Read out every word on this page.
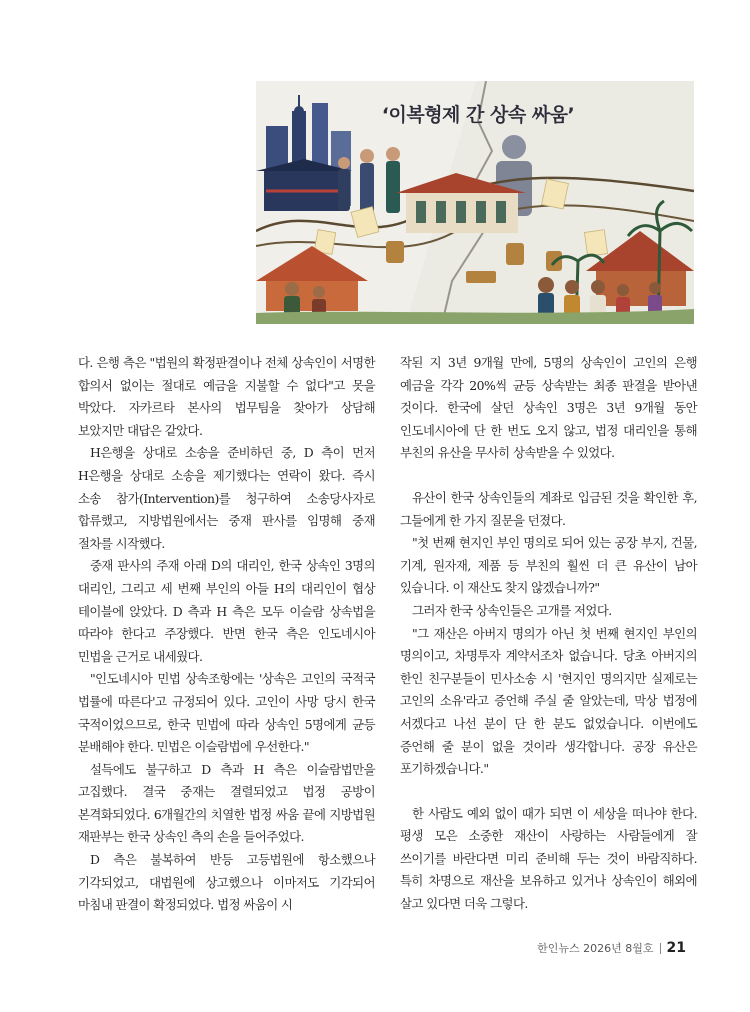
‘이복형제 간 상속 싸움’

다. 은행 측은 "법원의 확정판결이나 전체 상속인이 서명한 합의서 없이는 절대로 예금을 지불할 수 없다"고 못을 박았다. 자카르타 본사의 법무팀을 찾아가 상담해 보았지만 대답은 같았다.

H은행을 상대로 소송을 준비하던 중, D 측이 먼저 H은행을 상대로 소송을 제기했다는 연락이 왔다. 즉시 소송 참가(Intervention)를 청구하여 소송당사자로 합류했고, 지방법원에서는 중재 판사를 임명해 중재 절차를 시작했다.

중재 판사의 주재 아래 D의 대리인, 한국 상속인 3명의 대리인, 그리고 세 번째 부인의 아들 H의 대리인이 협상 테이블에 앉았다. D 측과 H 측은 모두 이슬람 상속법을 따라야 한다고 주장했다. 반면 한국 측은 인도네시아 민법을 근거로 내세웠다.

"인도네시아 민법 상속조항에는 '상속은 고인의 국적국 법률에 따른다'고 규정되어 있다. 고인이 사망 당시 한국 국적이었으므로, 한국 민법에 따라 상속인 5명에게 균등 분배해야 한다. 민법은 이슬람법에 우선한다."

설득에도 불구하고 D 측과 H 측은 이슬람법만을 고집했다. 결국 중재는 결렬되었고 법정 공방이 본격화되었다. 6개월간의 치열한 법정 싸움 끝에 지방법원 재판부는 한국 상속인 측의 손을 들어주었다.

D 측은 불복하여 반등 고등법원에 항소했으나 기각되었고, 대법원에 상고했으나 이마저도 기각되어 마침내 판결이 확정되었다. 법정 싸움이 시

작된 지 3년 9개월 만에, 5명의 상속인이 고인의 은행 예금을 각각 20%씩 균등 상속받는 최종 판결을 받아낸 것이다. 한국에 살던 상속인 3명은 3년 9개월 동안 인도네시아에 단 한 번도 오지 않고, 법정 대리인을 통해 부친의 유산을 무사히 상속받을 수 있었다.

유산이 한국 상속인들의 계좌로 입금된 것을 확인한 후, 그들에게 한 가지 질문을 던졌다.

"첫 번째 현지인 부인 명의로 되어 있는 공장 부지, 건물, 기계, 원자재, 제품 등 부친의 훨씬 더 큰 유산이 남아 있습니다. 이 재산도 찾지 않겠습니까?"

그러자 한국 상속인들은 고개를 저었다.

"그 재산은 아버지 명의가 아닌 첫 번째 현지인 부인의 명의이고, 차명투자 계약서조차 없습니다. 당초 아버지의 한인 친구분들이 민사소송 시 '현지인 명의지만 실제로는 고인의 소유'라고 증언해 주실 줄 알았는데, 막상 법정에 서겠다고 나선 분이 단 한 분도 없었습니다. 이번에도 증언해 줄 분이 없을 것이라 생각합니다. 공장 유산은 포기하겠습니다."

한 사람도 예외 없이 때가 되면 이 세상을 떠나야 한다. 평생 모은 소중한 재산이 사랑하는 사람들에게 잘 쓰이기를 바란다면 미리 준비해 두는 것이 바람직하다. 특히 차명으로 재산을 보유하고 있거나 상속인이 해외에 살고 있다면 더욱 그렇다.

한인뉴스 2026년 8월호 21
